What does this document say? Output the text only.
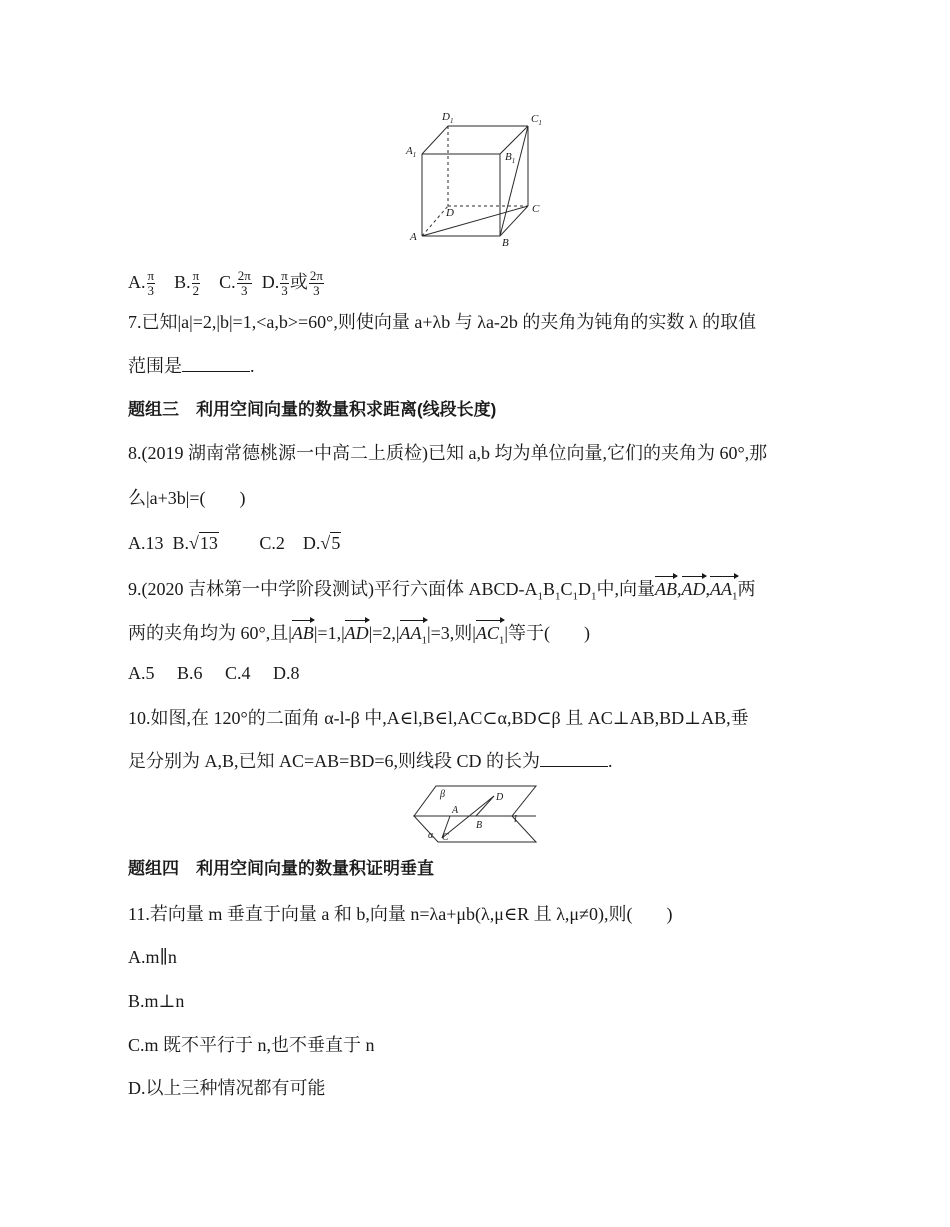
$A_1$
$D_1$	$C_1$
$B_1$
A	B
C
D
A. $\frac{\pi}{3} B$. $\frac{\pi}{2} C$. $\frac{2\pi}{3} D$. $\frac{\pi}{3}$ 或 $\frac{2\pi}{3}$
7.已知|a|=2,|b|=1,<a,b>=60°,则使向量 a+λb 与 λa-2b 的夹角为钝角的实数 λ 的取值
范围是	.
题组三　利用空间向量的数量积求距离(线段长度)
8.(2019 湖南常德桃源一中高二上质检)已知 a,b 均为单位向量,它们的夹角为 60°,那
么|a+3b|=( )
A.13 B.√13 C.2 D.√5
9.(2020 吉林第一中学阶段测试)平行六面体 ABCD-$A_1B_1C_1D_1$中,向量$AB,AD,AA_1$两
两的夹角均为 60°,且$|AB|=1,|AD|=2,|AA_1|=3$,则$|AC_1|$等于( )
A.5　 B.6　 C.4　 D.8
10.如图,在 120°的二面角 α-l-β 中,A∈l,B∈l,AC⊂α,BD⊂β 且 AC⊥AB,BD⊥AB,垂
足分别为 A,B,已知 AC=AB=BD=6,则线段 CD 的长为	.
β	D
A
B
l
α C
题组四　利用空间向量的数量积证明垂直
11.若向量 m 垂直于向量 a 和 b,向量 n=λa+μb(λ,μ∈R 且 λ,μ≠0),则( )
A.m∥n
B.m⊥n
C.m 既不平行于 n,也不垂直于 n
D.以上三种情况都有可能
